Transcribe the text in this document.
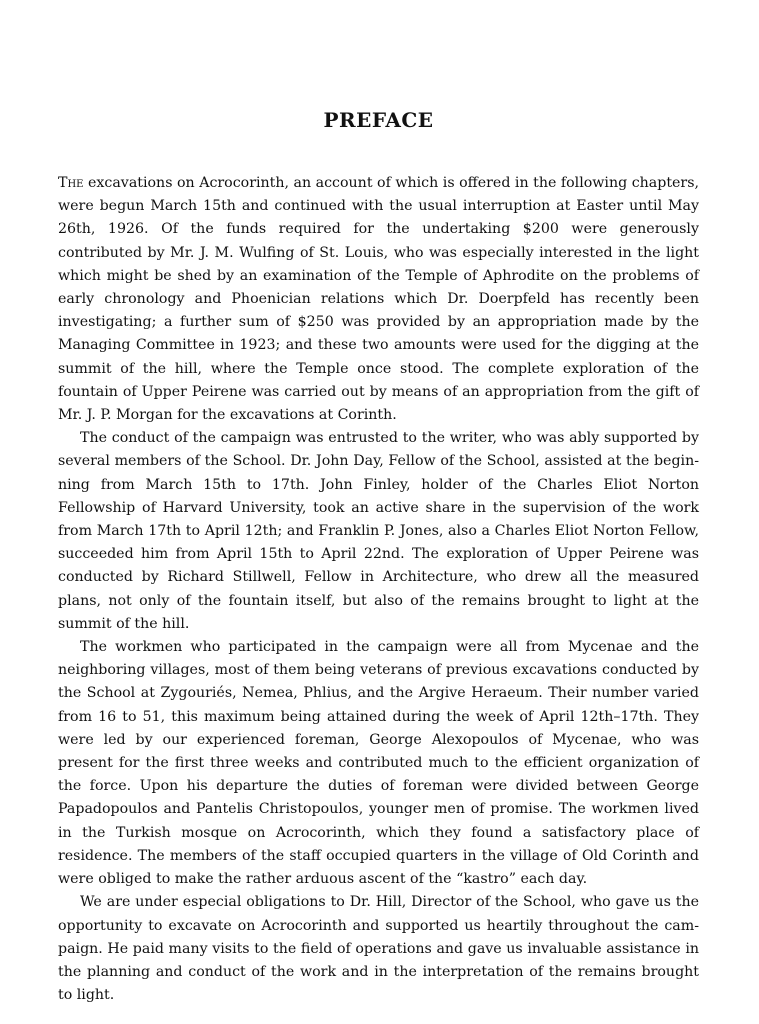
PREFACE

The excavations on Acrocorinth, an account of which is offered in the following chapters, were begun March 15th and continued with the usual interruption at Easter until May 26th, 1926. Of the funds required for the undertaking $200 were generously contributed by Mr. J. M. Wulfing of St. Louis, who was especially interested in the light which might be shed by an examination of the Temple of Aphrodite on the problems of early chronology and Phoenician relations which Dr. Doerpfeld has recently been investigating; a further sum of $250 was provided by an appropriation made by the Managing Committee in 1923; and these two amounts were used for the digging at the summit of the hill, where the Temple once stood. The complete exploration of the fountain of Upper Peirene was carried out by means of an appropriation from the gift of Mr. J. P. Morgan for the excavations at Corinth.

The conduct of the campaign was entrusted to the writer, who was ably supported by several members of the School. Dr. John Day, Fellow of the School, assisted at the beginning from March 15th to 17th. John Finley, holder of the Charles Eliot Norton Fellowship of Harvard University, took an active share in the supervision of the work from March 17th to April 12th; and Franklin P. Jones, also a Charles Eliot Norton Fellow, succeeded him from April 15th to April 22nd. The exploration of Upper Peirene was conducted by Richard Stillwell, Fellow in Architecture, who drew all the measured plans, not only of the fountain itself, but also of the remains brought to light at the summit of the hill.

The workmen who participated in the campaign were all from Mycenae and the neighboring villages, most of them being veterans of previous excavations conducted by the School at Zygouriés, Nemea, Phlius, and the Argive Heraeum. Their number varied from 16 to 51, this maximum being attained during the week of April 12th–17th. They were led by our experienced foreman, George Alexopoulos of Mycenae, who was present for the first three weeks and contributed much to the efficient organization of the force. Upon his departure the duties of foreman were divided between George Papadopoulos and Pantelis Christopoulos, younger men of promise. The workmen lived in the Turkish mosque on Acrocorinth, which they found a satisfactory place of residence. The members of the staff occupied quarters in the village of Old Corinth and were obliged to make the rather arduous ascent of the “kastro” each day.

We are under especial obligations to Dr. Hill, Director of the School, who gave us the opportunity to excavate on Acrocorinth and supported us heartily throughout the campaign. He paid many visits to the field of operations and gave us invaluable assistance in the planning and conduct of the work and in the interpretation of the remains brought to light.
